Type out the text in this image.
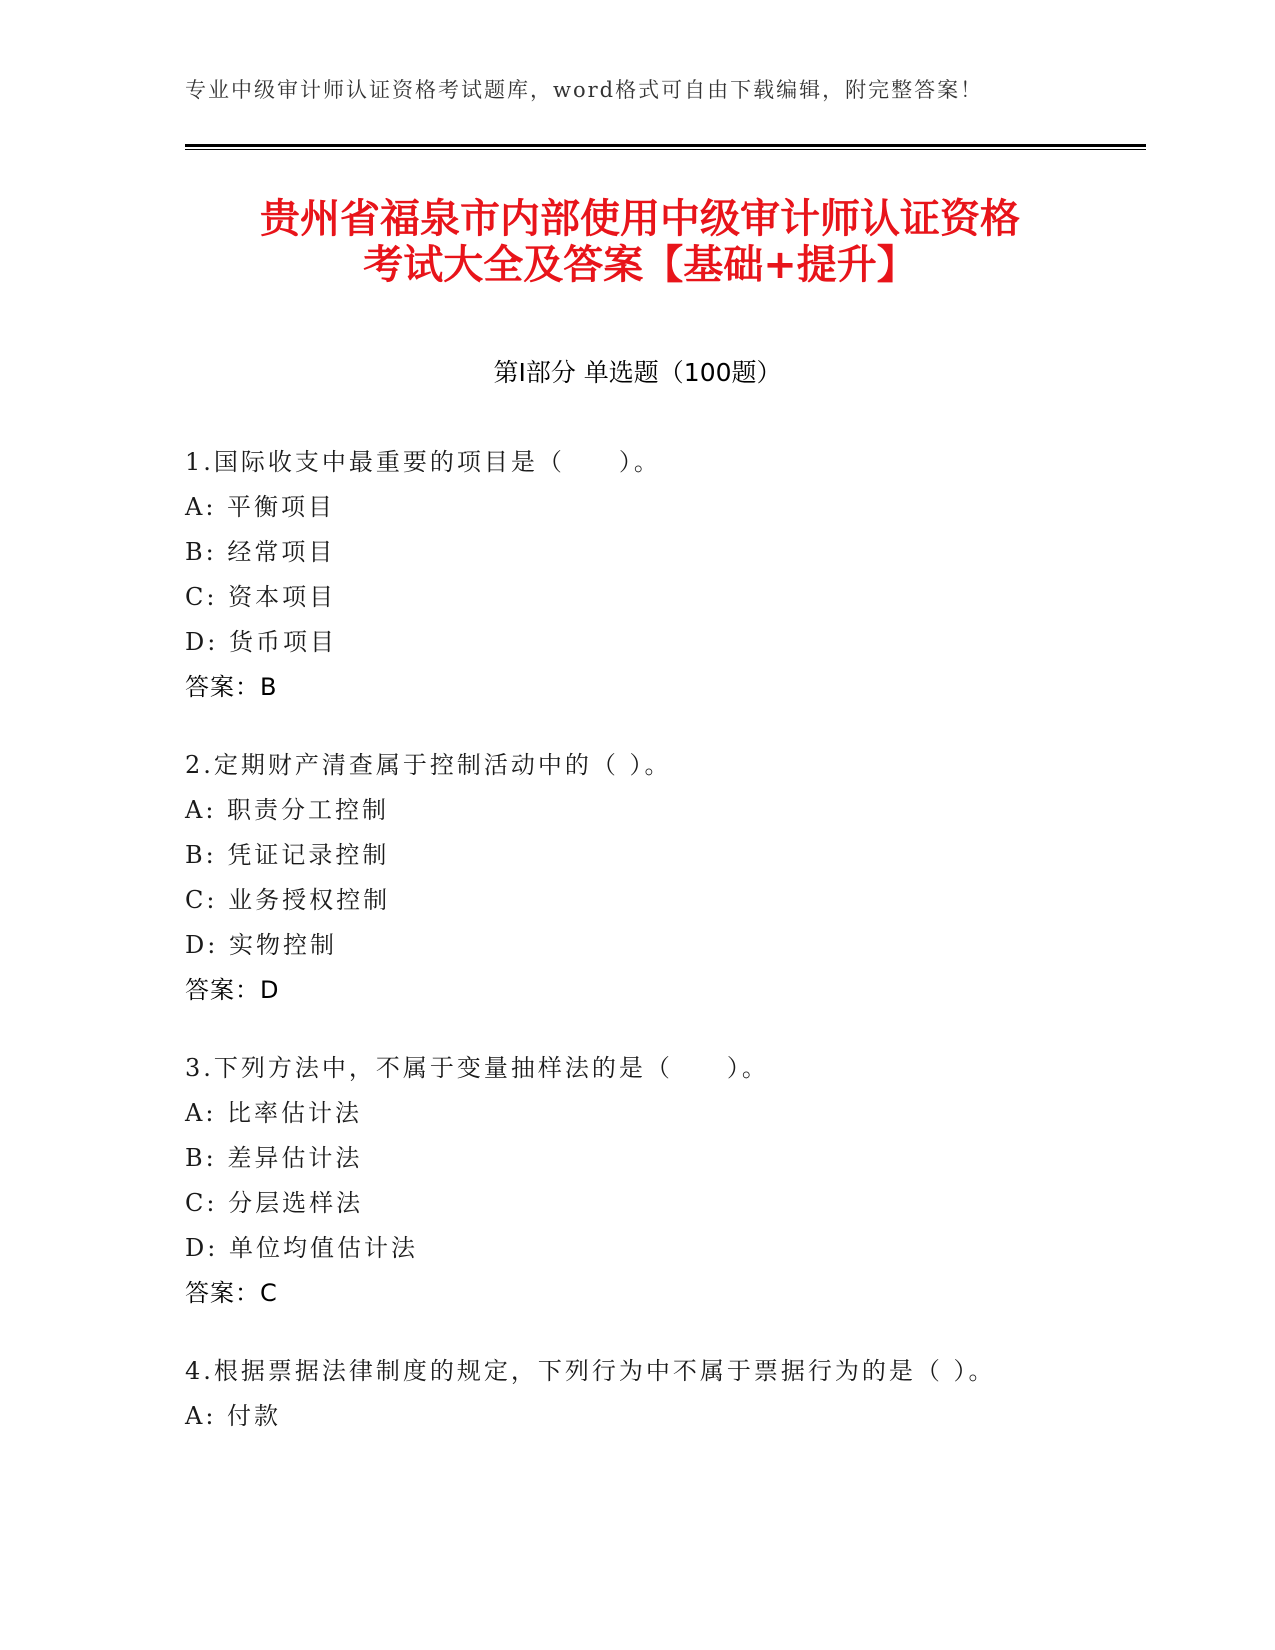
专业中级审计师认证资格考试题库，word格式可自由下载编辑，附完整答案！
贵州省福泉市内部使用中级审计师认证资格
考试大全及答案【基础+提升】
第Ⅰ部分 单选题（100题）
1.国际收支中最重要的项目是（　　）。
A: 平衡项目
B: 经常项目
C: 资本项目
D: 货币项目
答案：B
2.定期财产清查属于控制活动中的（ ）。
A: 职责分工控制
B: 凭证记录控制
C: 业务授权控制
D: 实物控制
答案：D
3.下列方法中，不属于变量抽样法的是（　　）。
A: 比率估计法
B: 差异估计法
C: 分层选样法
D: 单位均值估计法
答案：C
4.根据票据法律制度的规定，下列行为中不属于票据行为的是（ ）。
A: 付款
